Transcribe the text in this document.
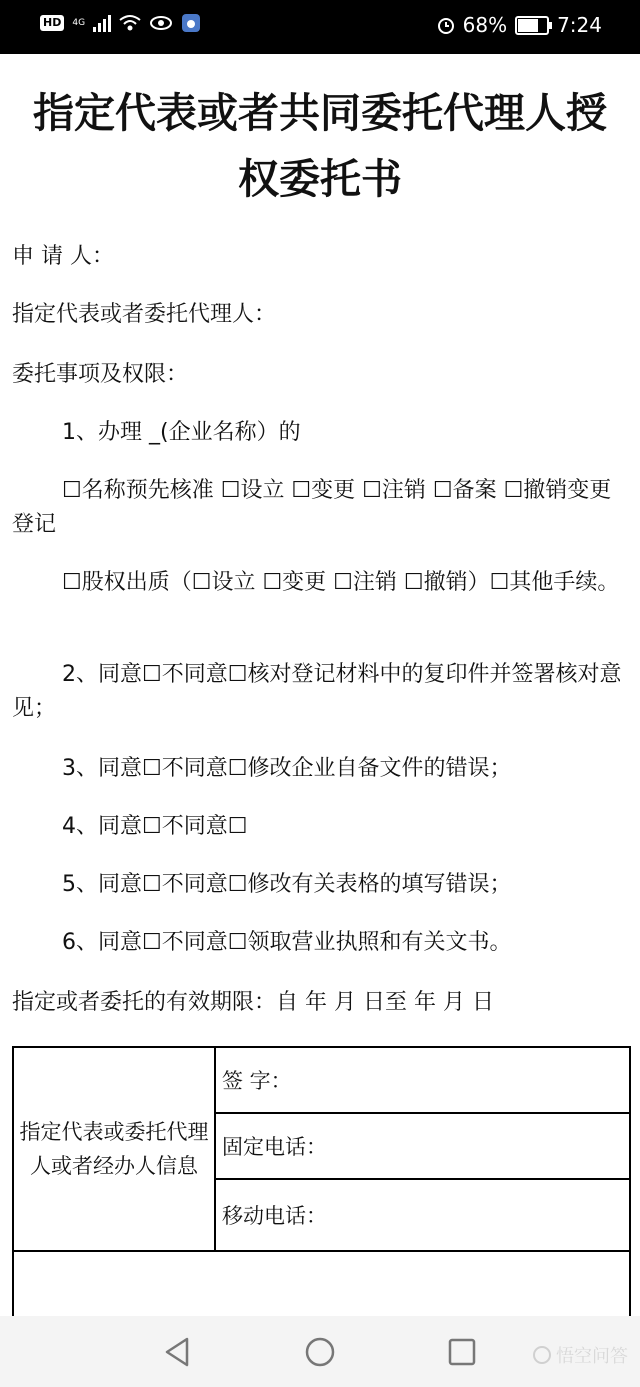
HD	4G	68%	7:24
指定代表或者共同委托代理人授
权委托书
申 请 人：
指定代表或者委托代理人：
委托事项及权限：
1、办理 _(企业名称）的
☐名称预先核准 ☐设立 ☐变更 ☐注销 ☐备案 ☐撤销变更登记
☐股权出质（☐设立 ☐变更 ☐注销 ☐撤销）☐其他手续。
2、同意☐不同意☐核对登记材料中的复印件并签署核对意见；
3、同意☐不同意☐修改企业自备文件的错误；
4、同意☐不同意☐
5、同意☐不同意☐修改有关表格的填写错误；
6、同意☐不同意☐领取营业执照和有关文书。
指定或者委托的有效期限：自 年 月 日至 年 月 日
指定代表或委托代理人或者经办人信息	签 字：
固定电话：
移动电话：

悟空问答
